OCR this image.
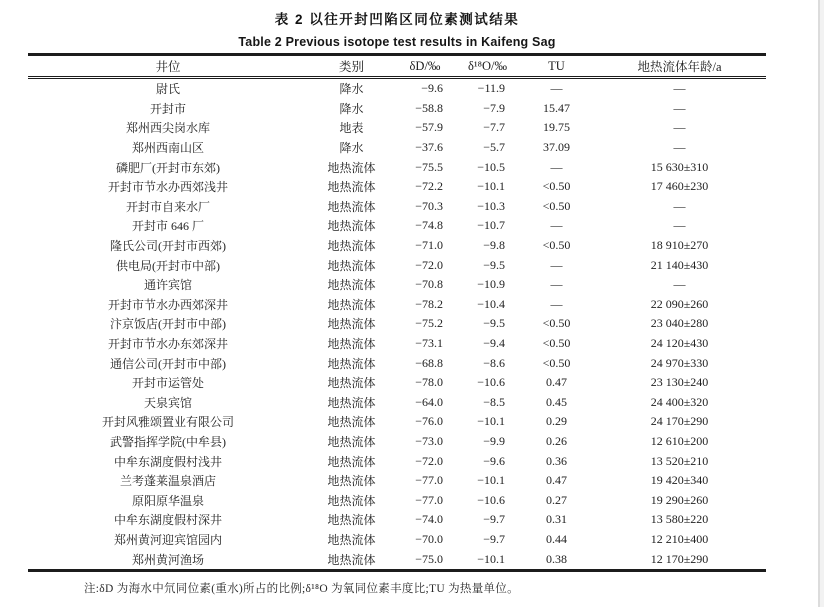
表 2 以往开封凹陷区同位素测试结果
Table 2 Previous isotope test results in Kaifeng Sag
井位	类别	δD/‰	δ¹⁸O/‰	TU	地热流体年龄/a
尉氏	降水	−9.6	−11.9	—	—
开封市	降水	−58.8	−7.9	15.47	—
郑州西尖岗水库	地表	−57.9	−7.7	19.75	—
郑州西南山区	降水	−37.6	−5.7	37.09	—
磷肥厂(开封市东郊)	地热流体	−75.5	−10.5	—	15 630±310
开封市节水办西郊浅井	地热流体	−72.2	−10.1	<0.50	17 460±230
开封市自来水厂	地热流体	−70.3	−10.3	<0.50	—
开封市 646 厂	地热流体	−74.8	−10.7	—	—
隆氏公司(开封市西郊)	地热流体	−71.0	−9.8	<0.50	18 910±270
供电局(开封市中部)	地热流体	−72.0	−9.5	—	21 140±430
通许宾馆	地热流体	−70.8	−10.9	—	—
开封市节水办西郊深井	地热流体	−78.2	−10.4	—	22 090±260
汴京饭店(开封市中部)	地热流体	−75.2	−9.5	<0.50	23 040±280
开封市节水办东郊深井	地热流体	−73.1	−9.4	<0.50	24 120±430
通信公司(开封市中部)	地热流体	−68.8	−8.6	<0.50	24 970±330
开封市运管处	地热流体	−78.0	−10.6	0.47	23 130±240
天泉宾馆	地热流体	−64.0	−8.5	0.45	24 400±320
开封风雅颂置业有限公司	地热流体	−76.0	−10.1	0.29	24 170±290
武警指挥学院(中牟县)	地热流体	−73.0	−9.9	0.26	12 610±200
中牟东湖度假村浅井	地热流体	−72.0	−9.6	0.36	13 520±210
兰考蓬莱温泉酒店	地热流体	−77.0	−10.1	0.47	19 420±340
原阳原华温泉	地热流体	−77.0	−10.6	0.27	19 290±260
中牟东湖度假村深井	地热流体	−74.0	−9.7	0.31	13 580±220
郑州黄河迎宾馆园内	地热流体	−70.0	−9.7	0.44	12 210±400
郑州黄河渔场	地热流体	−75.0	−10.1	0.38	12 170±290
注:δD 为海水中氘同位素(重水)所占的比例;δ¹⁸O 为氧同位素丰度比;TU 为热量单位。
